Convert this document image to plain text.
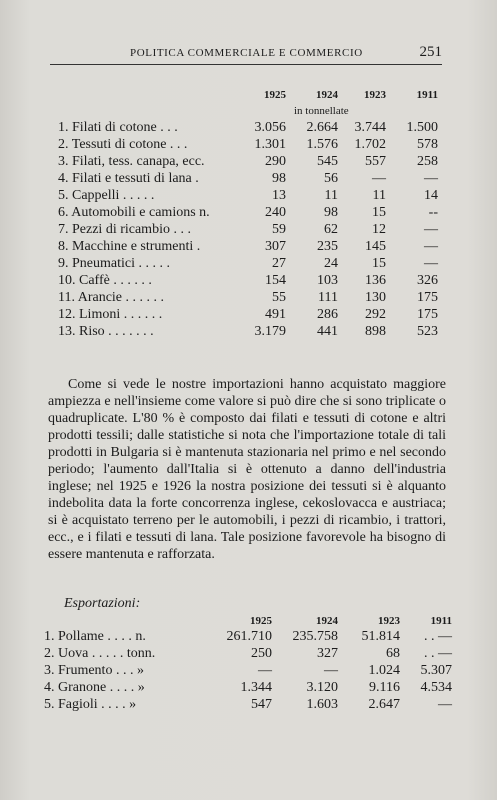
POLITICA COMMERCIALE E COMMERCIO	251
	1925	1924	1923	1911
		in tonnellate		
1. Filati di cotone . . .	3.056	2.664	3.744	1.500
2. Tessuti di cotone . . .	1.301	1.576	1.702	578
3. Filati, tess. canapa, ecc.	290	545	557	258
4. Filati e tessuti di lana .	98	56	—	—
5. Cappelli . . . . .	13	11	11	14
6. Automobili e camions n.	240	98	15	--
7. Pezzi di ricambio . . .	59	62	12	—
8. Macchine e strumenti .	307	235	145	—
9. Pneumatici . . . . .	27	24	15	—
10. Caffè . . . . . .	154	103	136	326
11. Arancie . . . . . .	55	111	130	175
12. Limoni . . . . . .	491	286	292	175
13. Riso . . . . . . .	3.179	441	898	523

Come si vede le nostre importazioni hanno acquistato maggiore ampiezza e nell'insieme come valore si può dire che si sono triplicate o quadruplicate. L'80 % è composto dai filati e tessuti di cotone e altri prodotti tessili; dalle statistiche si nota che l'importazione totale di tali prodotti in Bulgaria si è mantenuta stazionaria nel primo e nel secondo periodo; l'aumento dall'Italia si è ottenuto a danno dell'industria inglese; nel 1925 e 1926 la nostra posizione dei tessuti si è alquanto indebolita data la forte concorrenza inglese, cekoslovacca e austriaca; si è acquistato terreno per le automobili, i pezzi di ricambio, i trattori, ecc., e i filati e tessuti di lana. Tale posizione favorevole ha bisogno di essere mantenuta e rafforzata.

Esportazioni:
	1925	1924	1923	1911
1. Pollame . . . . n.	261.710	235.758	51.814	. . —
2. Uova . . . . . tonn.	250	327	68	. . —
3. Frumento . . . »	—	—	1.024	5.307
4. Granone . . . . »	1.344	3.120	9.116	4.534
5. Fagioli . . . . »	547	1.603	2.647	—
